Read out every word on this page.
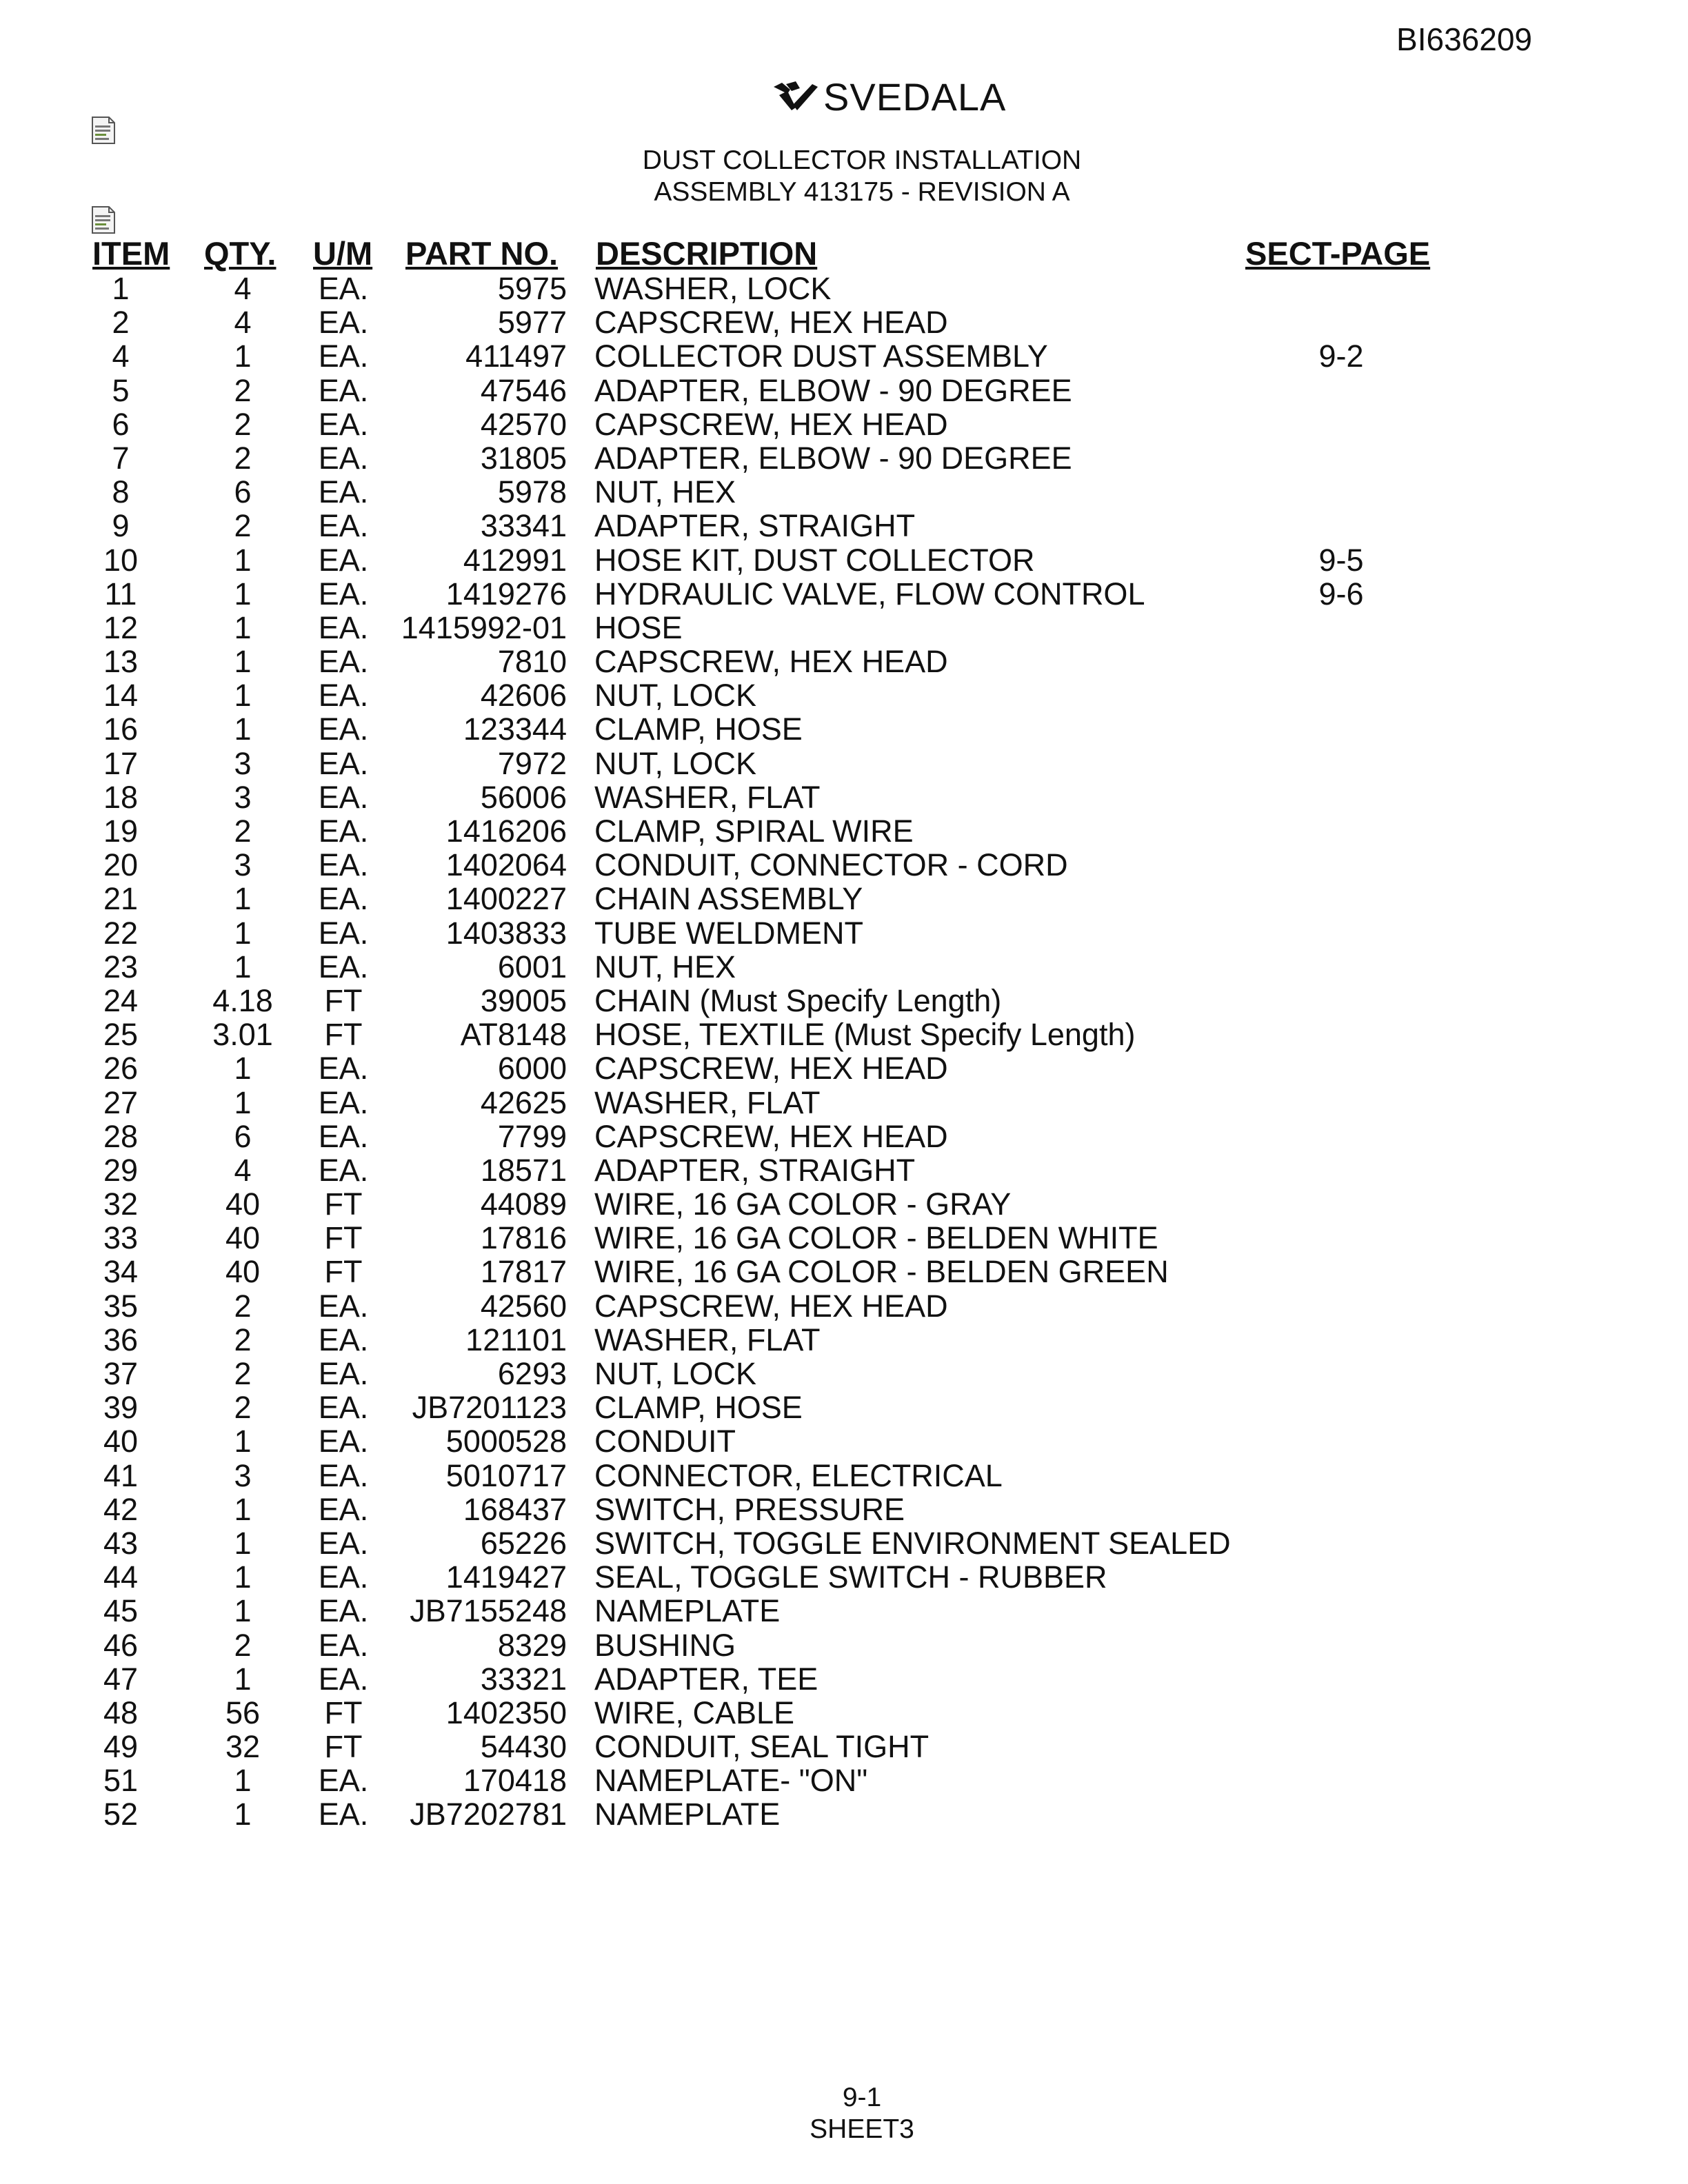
BI636209
SVEDALA
DUST COLLECTOR INSTALLATION
ASSEMBLY 413175 - REVISION A
ITEM QTY. U/M PART NO. DESCRIPTION	SECT-PAGE
1	4	EA.	5975 WASHER, LOCK
2	4	EA.	5977 CAPSCREW, HEX HEAD
4	1	EA.	411497 COLLECTOR DUST ASSEMBLY	9-2
5	2	EA.	47546 ADAPTER, ELBOW - 90 DEGREE
6	2	EA.	42570 CAPSCREW, HEX HEAD
7	2	EA.	31805 ADAPTER, ELBOW - 90 DEGREE
8	6	EA.	5978 NUT, HEX
9	2	EA.	33341 ADAPTER, STRAIGHT
10	1	EA.	412991 HOSE KIT, DUST COLLECTOR	9-5
11	1	EA.	1419276 HYDRAULIC VALVE, FLOW CONTROL	9-6
12	1	EA.	1415992-01 HOSE
13	1	EA.	7810 CAPSCREW, HEX HEAD
14	1	EA.	42606 NUT, LOCK
16	1	EA.	123344 CLAMP, HOSE
17	3	EA.	7972 NUT, LOCK
18	3	EA.	56006 WASHER, FLAT
19	2	EA.	1416206 CLAMP, SPIRAL WIRE
20	3	EA.	1402064 CONDUIT, CONNECTOR - CORD
21	1	EA.	1400227 CHAIN ASSEMBLY
22	1	EA.	1403833 TUBE WELDMENT
23	1	EA.	6001 NUT, HEX
24	4.18	FT	39005 CHAIN (Must Specify Length)
25	3.01	FT	AT8148 HOSE, TEXTILE (Must Specify Length)
26	1	EA.	6000 CAPSCREW, HEX HEAD
27	1	EA.	42625 WASHER, FLAT
28	6	EA.	7799 CAPSCREW, HEX HEAD
29	4	EA.	18571 ADAPTER, STRAIGHT
32	40	FT	44089 WIRE, 16 GA COLOR - GRAY
33	40	FT	17816 WIRE, 16 GA COLOR - BELDEN WHITE
34	40	FT	17817 WIRE, 16 GA COLOR - BELDEN GREEN
35	2	EA.	42560 CAPSCREW, HEX HEAD
36	2	EA.	121101 WASHER, FLAT
37	2	EA.	6293 NUT, LOCK
39	2	EA.	JB7201123 CLAMP, HOSE
40	1	EA.	5000528 CONDUIT
41	3	EA.	5010717 CONNECTOR, ELECTRICAL
42	1	EA.	168437 SWITCH, PRESSURE
43	1	EA.	65226 SWITCH, TOGGLE ENVIRONMENT SEALED
44	1	EA.	1419427 SEAL, TOGGLE SWITCH - RUBBER
45	1	EA.	JB7155248 NAMEPLATE
46	2	EA.	8329 BUSHING
47	1	EA.	33321 ADAPTER, TEE
48	56	FT	1402350 WIRE, CABLE
49	32	FT	54430 CONDUIT, SEAL TIGHT
51	1	EA.	170418 NAMEPLATE- "ON"
52	1	EA.	JB7202781 NAMEPLATE
9-1
SHEET3
